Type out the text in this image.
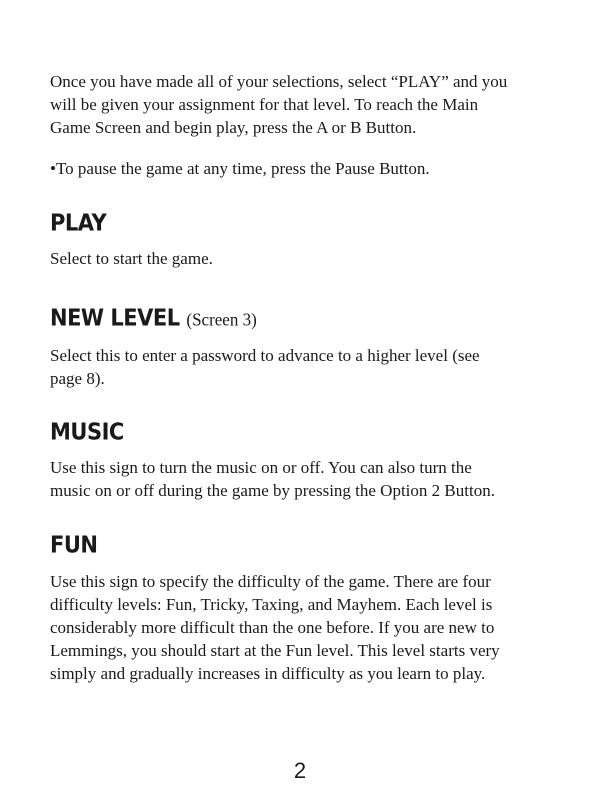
Once you have made all of your selections, select “PLAY” and you

will be given your assignment for that level. To reach the Main

Game Screen and begin play, press the A or B Button.

•To pause the game at any time, press the Pause Button.

PLAY

Select to start the game.

NEW LEVEL (Screen 3)

Select this to enter a password to advance to a higher level (see

page 8).

MUSIC

Use this sign to turn the music on or off. You can also turn the

music on or off during the game by pressing the Option 2 Button.

FUN

Use this sign to specify the difficulty of the game. There are four

difficulty levels: Fun, Tricky, Taxing, and Mayhem. Each level is

considerably more difficult than the one before. If you are new to

Lemmings, you should start at the Fun level. This level starts very

simply and gradually increases in difficulty as you learn to play.

2
